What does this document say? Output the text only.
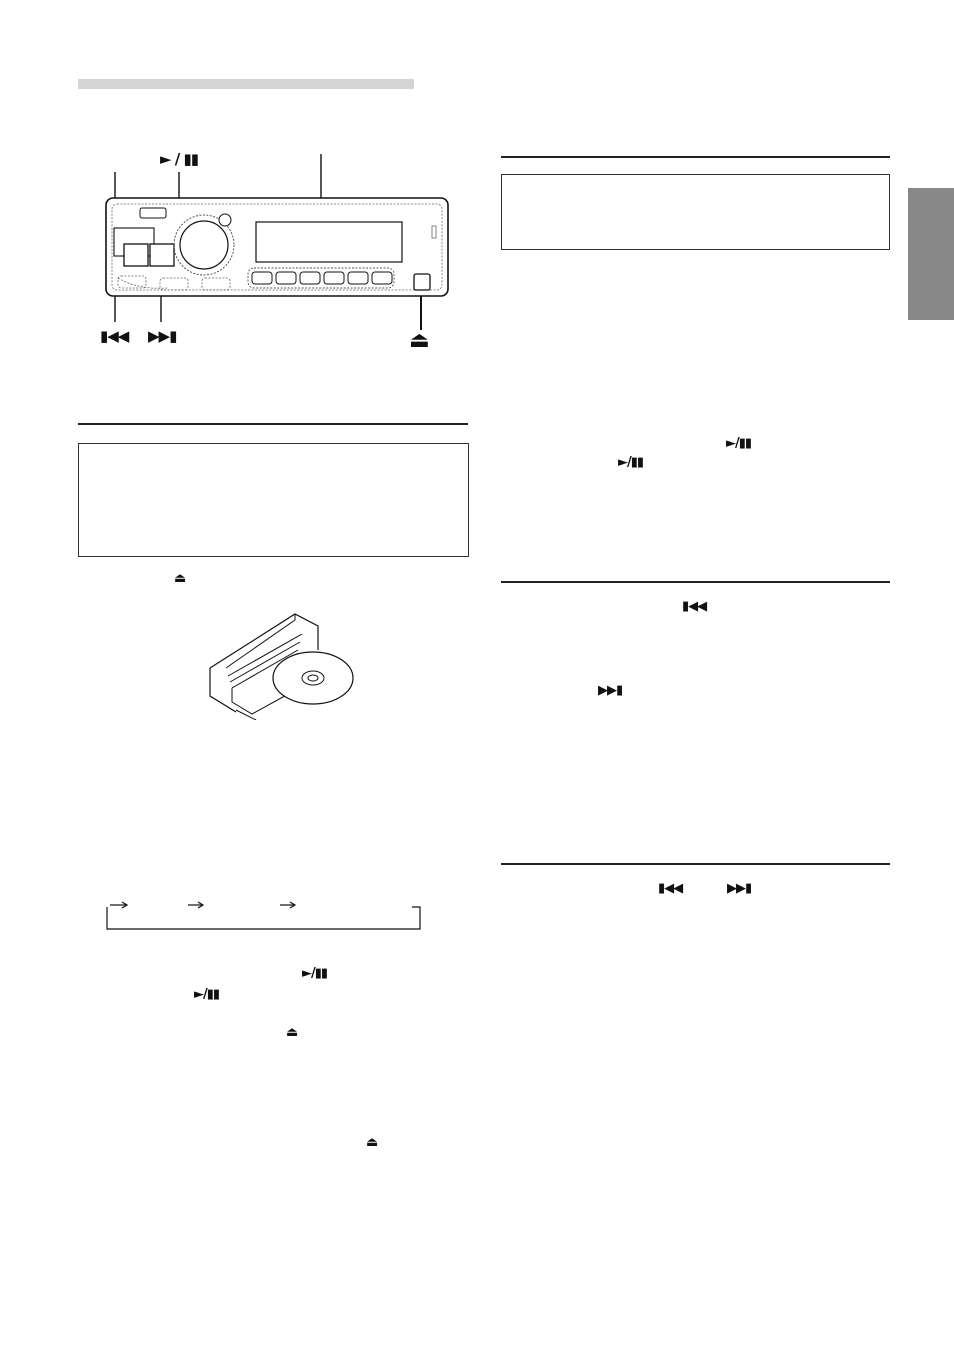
► / ▮▮
▮◀◀ ▶▶▮	⏏
⏏
►/▮▮
►/▮▮
⏏
⏏
►/▮▮
►/▮▮
▮◀◀
▶▶▮
▮◀◀	▶▶▮
